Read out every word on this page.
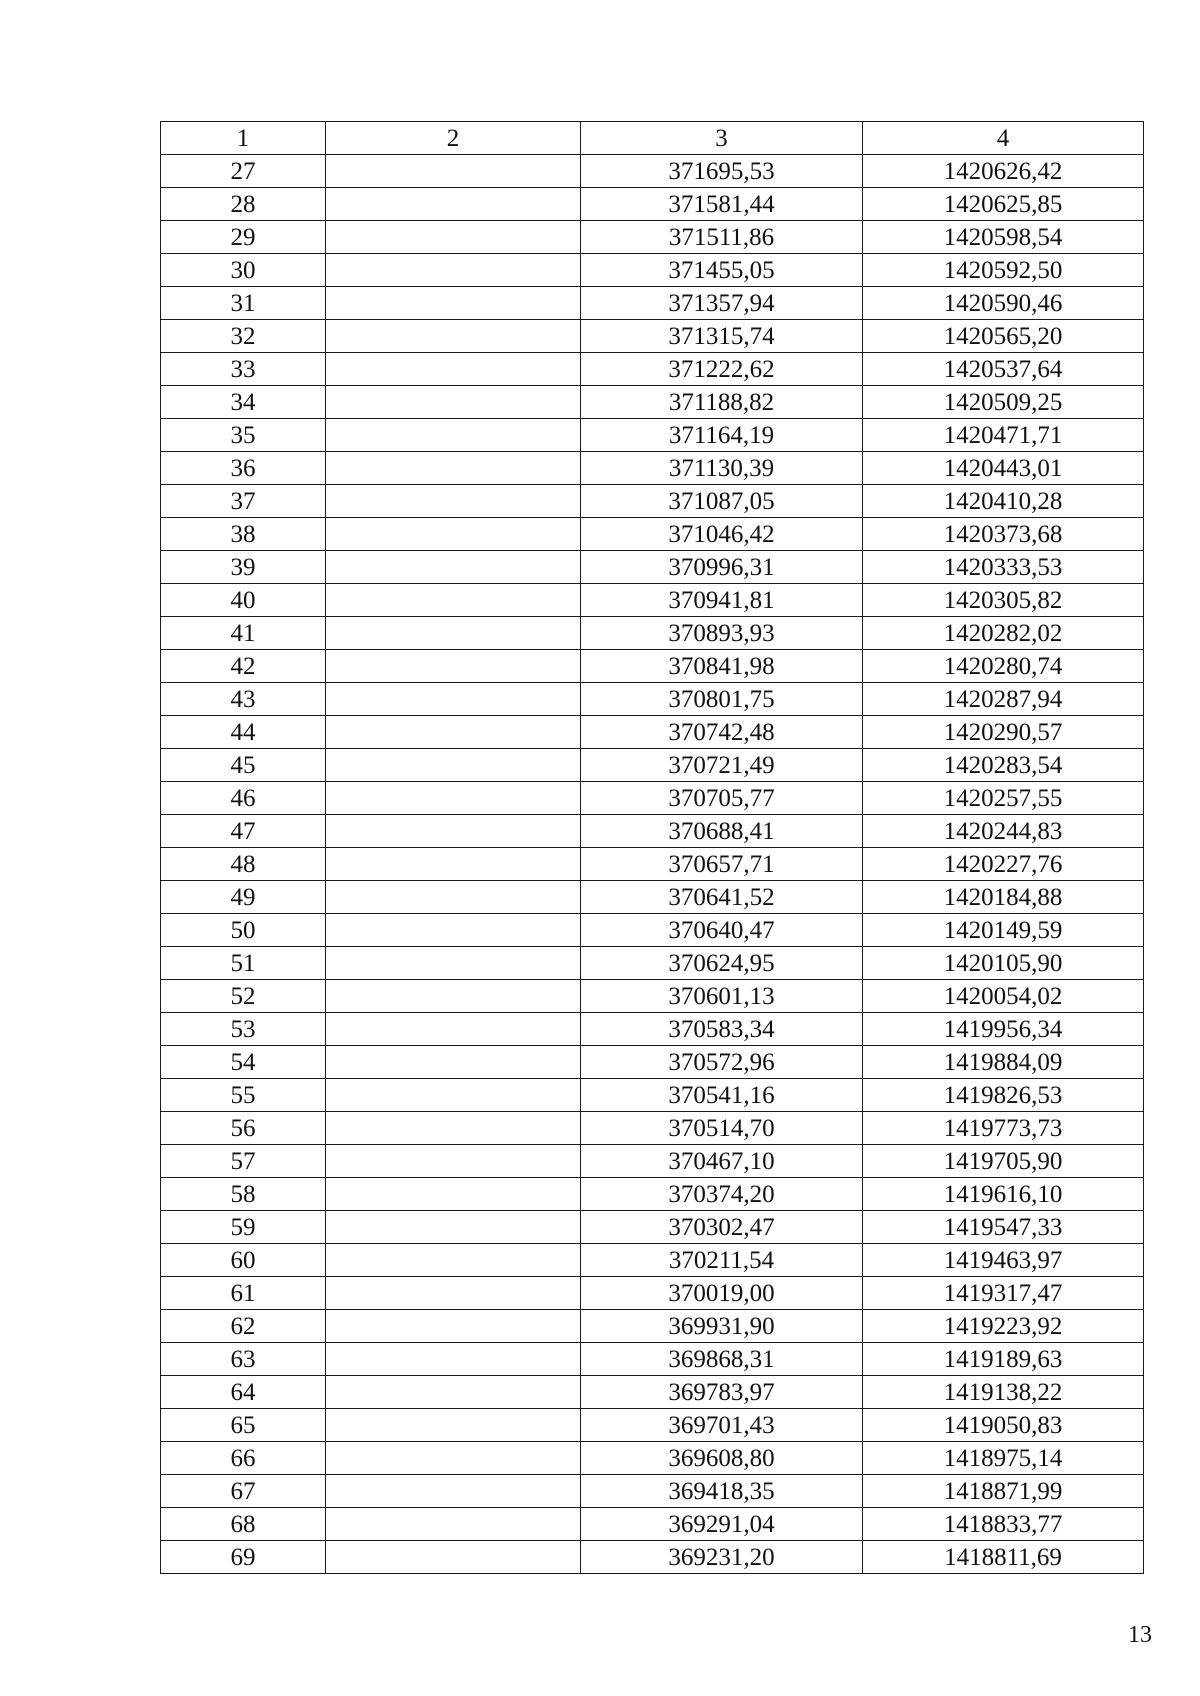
1	2	3	4
27		371695,53	1420626,42
28		371581,44	1420625,85
29		371511,86	1420598,54
30		371455,05	1420592,50
31		371357,94	1420590,46
32		371315,74	1420565,20
33		371222,62	1420537,64
34		371188,82	1420509,25
35		371164,19	1420471,71
36		371130,39	1420443,01
37		371087,05	1420410,28
38		371046,42	1420373,68
39		370996,31	1420333,53
40		370941,81	1420305,82
41		370893,93	1420282,02
42		370841,98	1420280,74
43		370801,75	1420287,94
44		370742,48	1420290,57
45		370721,49	1420283,54
46		370705,77	1420257,55
47		370688,41	1420244,83
48		370657,71	1420227,76
49		370641,52	1420184,88
50		370640,47	1420149,59
51		370624,95	1420105,90
52		370601,13	1420054,02
53		370583,34	1419956,34
54		370572,96	1419884,09
55		370541,16	1419826,53
56		370514,70	1419773,73
57		370467,10	1419705,90
58		370374,20	1419616,10
59		370302,47	1419547,33
60		370211,54	1419463,97
61		370019,00	1419317,47
62		369931,90	1419223,92
63		369868,31	1419189,63
64		369783,97	1419138,22
65		369701,43	1419050,83
66		369608,80	1418975,14
67		369418,35	1418871,99
68		369291,04	1418833,77
69		369231,20	1418811,69
13
